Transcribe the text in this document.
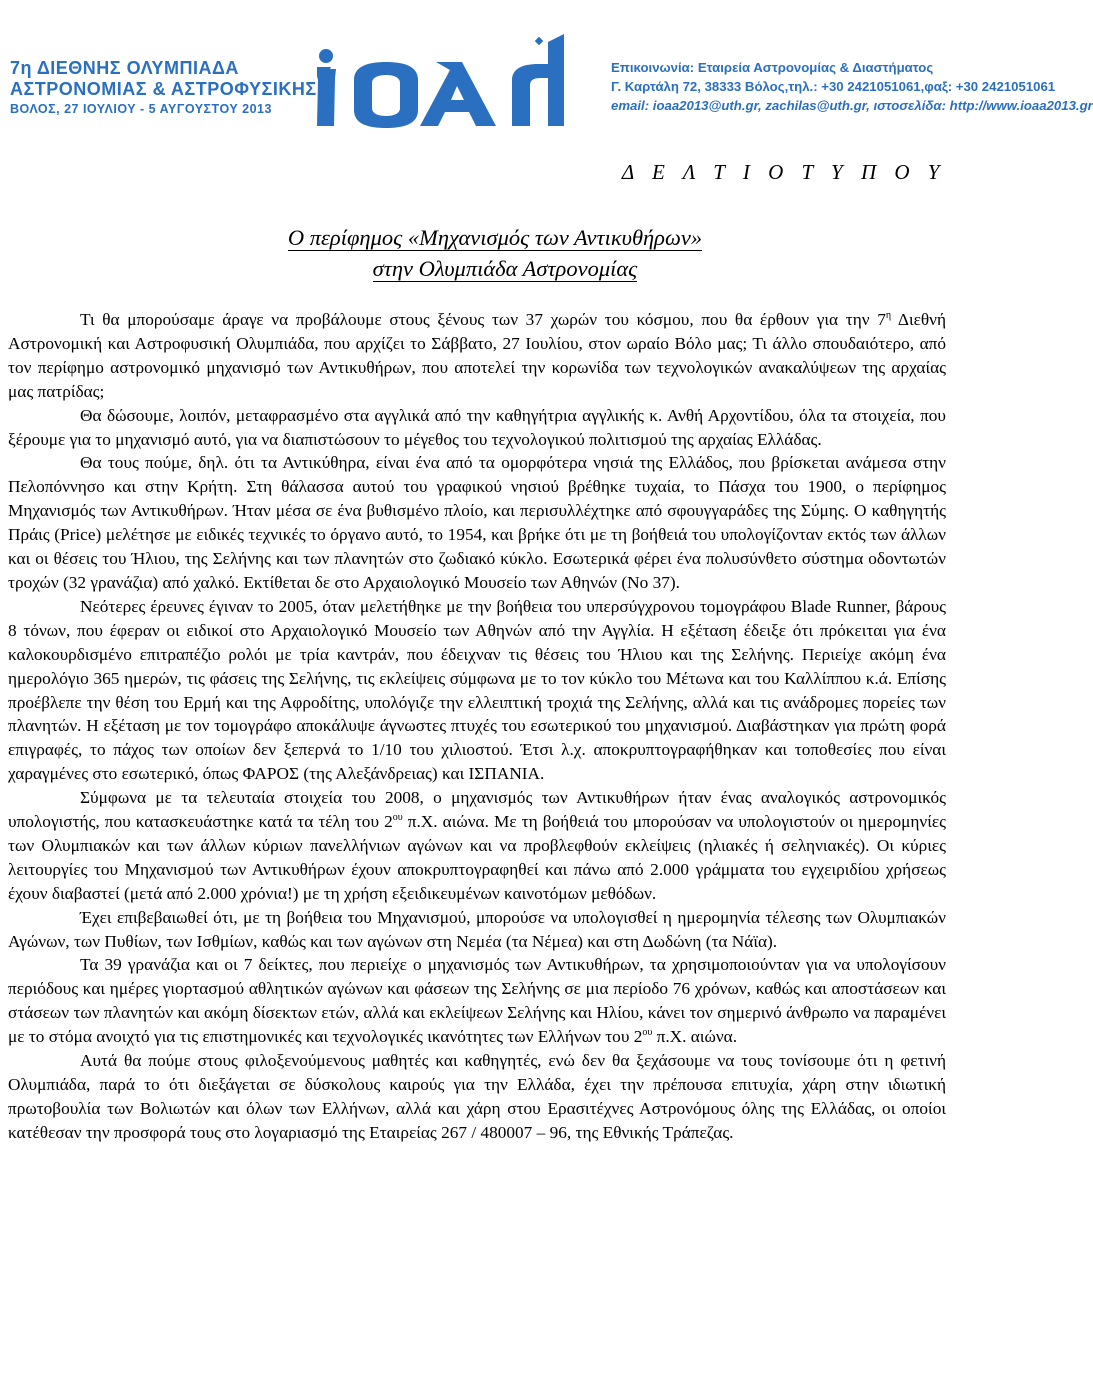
7η ΔΙΕΘΝΗΣ ΟΛΥΜΠΙΑΔΑ
ΑΣΤΡΟΝΟΜΙΑΣ & ΑΣΤΡΟΦΥΣΙΚΗΣ
ΒΟΛΟΣ, 27 ΙΟΥΛΙΟΥ - 5 ΑΥΓΟΥΣΤΟΥ 2013
ioaa
Επικοινωνία: Εταιρεία Αστρονομίας & Διαστήματος
Γ. Καρτάλη 72, 38333 Βόλος,τηλ.: +30 2421051061,φαξ: +30 2421051061
email: ioaa2013@uth.gr, zachilas@uth.gr, ιστοσελίδα: http://www.ioaa2013.gr
Δ Ε Λ Τ Ι Ο Τ Υ Π Ο Υ
Ο περίφημος «Μηχανισμός των Αντικυθήρων»
στην Ολυμπιάδα Αστρονομίας

Τι θα μπορούσαμε άραγε να προβάλουμε στους ξένους των 37 χωρών του κόσμου, που θα έρθουν για την $7^\eta$ Διεθνή Αστρονομική και Αστροφυσική Ολυμπιάδα, που αρχίζει το Σάββατο, 27 Ιουλίου, στον ωραίο Βόλο μας; Τι άλλο σπουδαιότερο, από τον περίφημο αστρονομικό μηχανισμό των Αντικυθήρων, που αποτελεί την κορωνίδα των τεχνολογικών ανακαλύψεων της αρχαίας μας πατρίδας;

Θα δώσουμε, λοιπόν, μεταφρασμένο στα αγγλικά από την καθηγήτρια αγγλικής κ. Ανθή Αρχοντίδου, όλα τα στοιχεία, που ξέρουμε για το μηχανισμό αυτό, για να διαπιστώσουν το μέγεθος του τεχνολογικού πολιτισμού της αρχαίας Ελλάδας.

Θα τους πούμε, δηλ. ότι τα Αντικύθηρα, είναι ένα από τα ομορφότερα νησιά της Ελλάδος, που βρίσκεται ανάμεσα στην Πελοπόννησο και στην Κρήτη. Στη θάλασσα αυτού του γραφικού νησιού βρέθηκε τυχαία, το Πάσχα του 1900, ο περίφημος Μηχανισμός των Αντικυθήρων. Ήταν μέσα σε ένα βυθισμένο πλοίο, και περισυλλέχτηκε από σφουγγαράδες της Σύμης. Ο καθηγητής Πράις (Price) μελέτησε με ειδικές τεχνικές το όργανο αυτό, το 1954, και βρήκε ότι με τη βοήθειά του υπολογίζονταν εκτός των άλλων και οι θέσεις του Ήλιου, της Σελήνης και των πλανητών στο ζωδιακό κύκλο. Εσωτερικά φέρει ένα πολυσύνθετο σύστημα οδοντωτών τροχών (32 γρανάζια) από χαλκό. Εκτίθεται δε στο Αρχαιολογικό Μουσείο των Αθηνών (Νο 37).

Νεότερες έρευνες έγιναν το 2005, όταν μελετήθηκε με την βοήθεια του υπερσύγχρονου τομογράφου Blade Runner, βάρους 8 τόνων, που έφεραν οι ειδικοί στο Αρχαιολογικό Μουσείο των Αθηνών από την Αγγλία. Η εξέταση έδειξε ότι πρόκειται για ένα καλοκουρδισμένο επιτραπέζιο ρολόι με τρία καντράν, που έδειχναν τις θέσεις του Ήλιου και της Σελήνης. Περιείχε ακόμη ένα ημερολόγιο 365 ημερών, τις φάσεις της Σελήνης, τις εκλείψεις σύμφωνα με το τον κύκλο του Μέτωνα και του Καλλίππου κ.ά. Επίσης προέβλεπε την θέση του Ερμή και της Αφροδίτης, υπολόγιζε την ελλειπτική τροχιά της Σελήνης, αλλά και τις ανάδρομες πορείες των πλανητών. Η εξέταση με τον τομογράφο αποκάλυψε άγνωστες πτυχές του εσωτερικού του μηχανισμού. Διαβάστηκαν για πρώτη φορά επιγραφές, το πάχος των οποίων δεν ξεπερνά το 1/10 του χιλιοστού. Έτσι λ.χ. αποκρυπτογραφήθηκαν και τοποθεσίες που είναι χαραγμένες στο εσωτερικό, όπως ΦΑΡΟΣ (της Αλεξάνδρειας) και ΙΣΠΑΝΙΑ.

Σύμφωνα με τα τελευταία στοιχεία του 2008, ο μηχανισμός των Αντικυθήρων ήταν ένας αναλογικός αστρονομικός υπολογιστής, που κατασκευάστηκε κατά τα τέλη του $2^{o\upsilon}$ π.Χ. αιώνα. Με τη βοήθειά του μπορούσαν να υπολογιστούν οι ημερομηνίες των Ολυμπιακών και των άλλων κύριων πανελλήνιων αγώνων και να προβλεφθούν εκλείψεις (ηλιακές ή σεληνιακές). Οι κύριες λειτουργίες του Μηχανισμού των Αντικυθήρων έχουν αποκρυπτογραφηθεί και πάνω από 2.000 γράμματα του εγχειριδίου χρήσεως έχουν διαβαστεί (μετά από 2.000 χρόνια!) με τη χρήση εξειδικευμένων καινοτόμων μεθόδων.

Έχει επιβεβαιωθεί ότι, με τη βοήθεια του Μηχανισμού, μπορούσε να υπολογισθεί η ημερομηνία τέλεσης των Ολυμπιακών Αγώνων, των Πυθίων, των Ισθμίων, καθώς και των αγώνων στη Νεμέα (τα Νέμεα) και στη Δωδώνη (τα Νάϊα).

Τα 39 γρανάζια και οι 7 δείκτες, που περιείχε ο μηχανισμός των Αντικυθήρων, τα χρησιμοποιούνταν για να υπολογίσουν περιόδους και ημέρες γιορτασμού αθλητικών αγώνων και φάσεων της Σελήνης σε μια περίοδο 76 χρόνων, καθώς και αποστάσεων και στάσεων των πλανητών και ακόμη δίσεκτων ετών, αλλά και εκλείψεων Σελήνης και Ηλίου, κάνει τον σημερινό άνθρωπο να παραμένει με το στόμα ανοιχτό για τις επιστημονικές και τεχνολογικές ικανότητες των Ελλήνων του $2^{o\upsilon}$ π.Χ. αιώνα.

Αυτά θα πούμε στους φιλοξενούμενους μαθητές και καθηγητές, ενώ δεν θα ξεχάσουμε να τους τονίσουμε ότι η φετινή Ολυμπιάδα, παρά το ότι διεξάγεται σε δύσκολους καιρούς για την Ελλάδα, έχει την πρέπουσα επιτυχία, χάρη στην ιδιωτική πρωτοβουλία των Βολιωτών και όλων των Ελλήνων, αλλά και χάρη στου Ερασιτέχνες Αστρονόμους όλης της Ελλάδας, οι οποίοι κατέθεσαν την προσφορά τους στο λογαριασμό της Εταιρείας 267 / 480007 – 96, της Εθνικής Τράπεζας.
